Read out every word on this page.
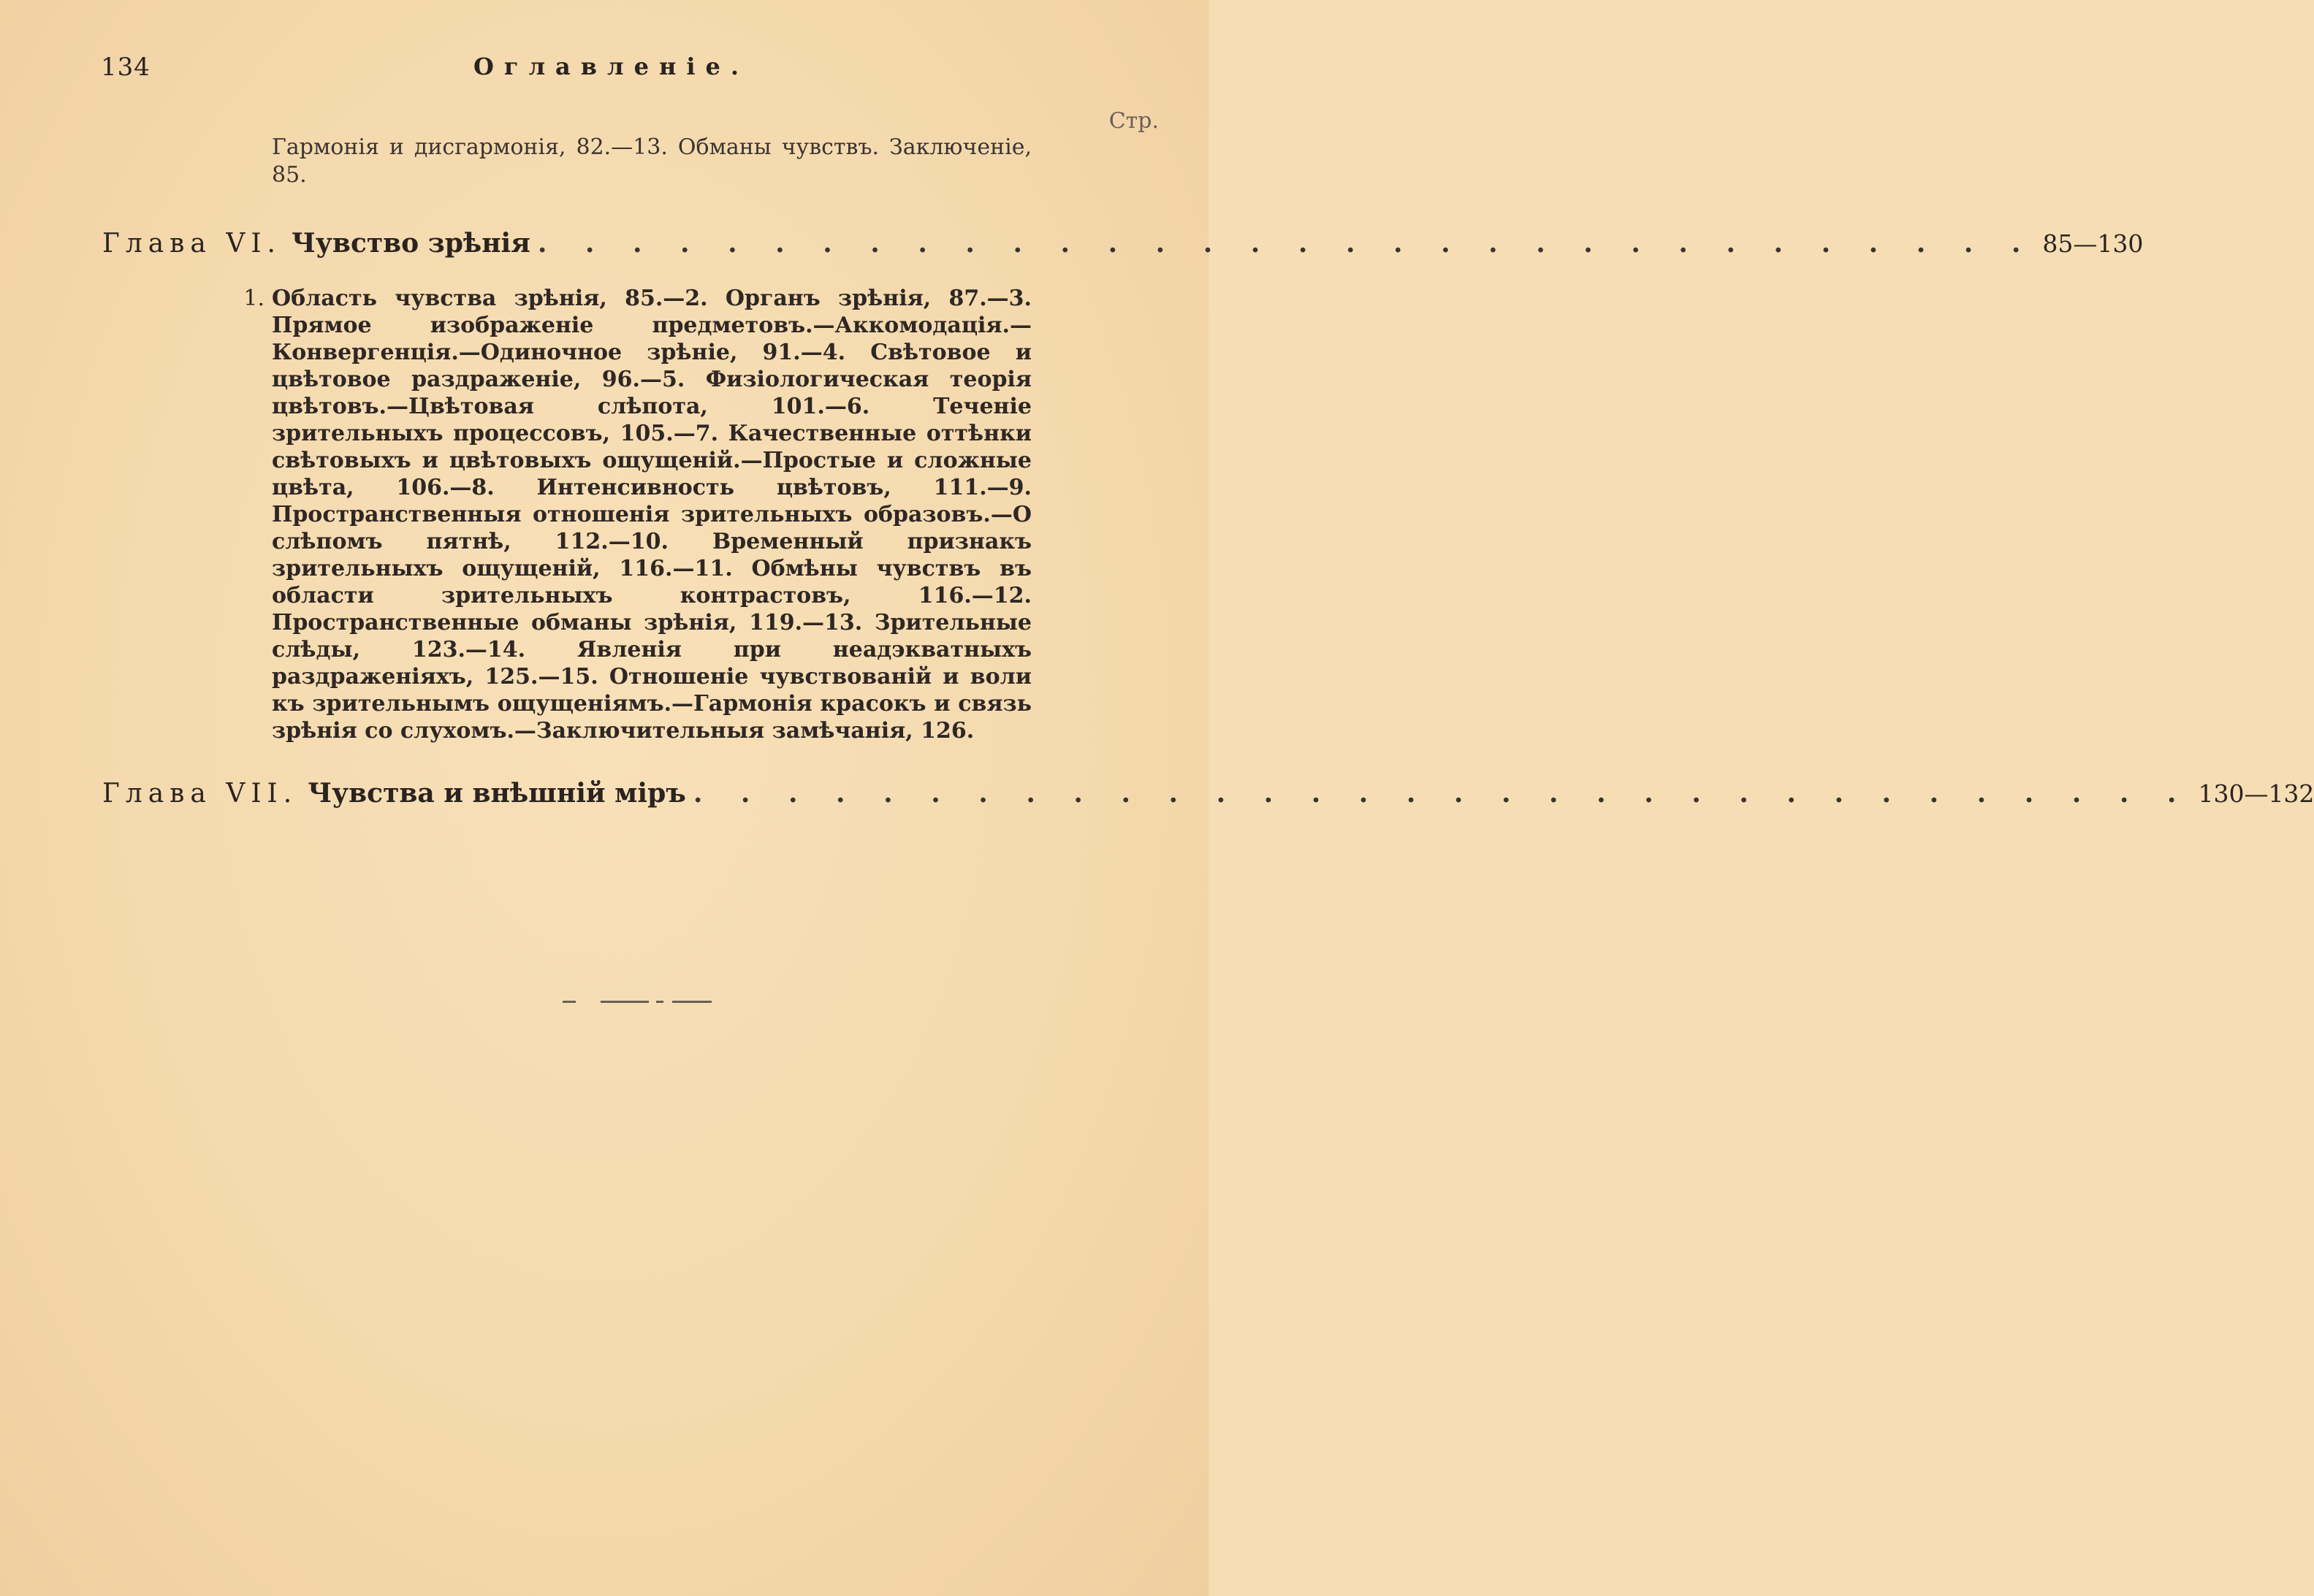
134	Оглавленіе.
Стр.
Гармонія и дисгармонія, 82.—13. Обманы чувствъ. Заключеніе, 85.
Глава VI. Чувство зрѣнія . . . . . . . . . . . . . . . . . . . . . . . . . . . . . . . . 85—130
1. Область чувства зрѣнія, 85.—2. Органъ зрѣнія, 87.—3. Прямое изображеніе предметовъ.—Аккомодація.—Конвергенція.—Одиночное зрѣніе, 91.—4. Свѣтовое и цвѣтовое раздраженіе, 96.—5. Физіологическая теорія цвѣтовъ.—Цвѣтовая слѣпота, 101.—6. Теченіе зрительныхъ процессовъ, 105.—7. Качественные оттѣнки свѣтовыхъ и цвѣтовыхъ ощущеній.—Простые и сложные цвѣта, 106.—8. Интенсивность цвѣтовъ, 111.—9. Пространственныя отношенія зрительныхъ образовъ.—О слѣпомъ пятнѣ, 112.—10. Временный признакъ зрительныхъ ощущеній, 116.—11. Обмѣны чувствъ въ области зрительныхъ контрастовъ, 116.—12. Пространственные обманы зрѣнія, 119.—13. Зрительные слѣды, 123.—14. Явленія при неадэкватныхъ раздраженіяхъ, 125.—15. Отношеніе чувствованій и воли къ зрительнымъ ощущеніямъ.—Гармонія красокъ и связь зрѣнія со слухомъ.—Заключительныя замѣчанія, 126.
Глава VII. Чувства и внѣшній міръ . . . . . . . . . . . . . . . . . . . . . . . . . . . . . . . . 130—132
